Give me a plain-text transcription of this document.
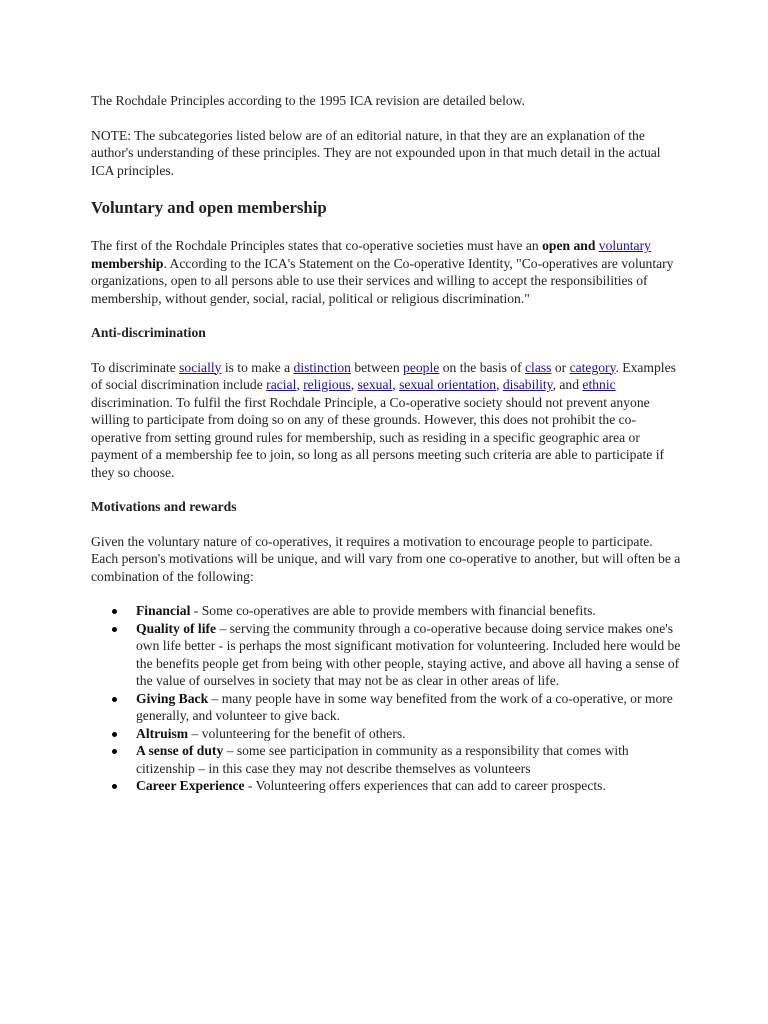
The Rochdale Principles according to the 1995 ICA revision are detailed below.

NOTE: The subcategories listed below are of an editorial nature, in that they are an explanation of the author's understanding of these principles. They are not expounded upon in that much detail in the actual ICA principles.

Voluntary and open membership

The first of the Rochdale Principles states that co-operative societies must have an open and voluntary membership. According to the ICA's Statement on the Co-operative Identity, "Co-operatives are voluntary organizations, open to all persons able to use their services and willing to accept the responsibilities of membership, without gender, social, racial, political or religious discrimination."

Anti-discrimination

To discriminate socially is to make a distinction between people on the basis of class or category. Examples of social discrimination include racial, religious, sexual, sexual orientation, disability, and ethnic discrimination. To fulfil the first Rochdale Principle, a Co-operative society should not prevent anyone willing to participate from doing so on any of these grounds. However, this does not prohibit the co-operative from setting ground rules for membership, such as residing in a specific geographic area or payment of a membership fee to join, so long as all persons meeting such criteria are able to participate if they so choose.

Motivations and rewards

Given the voluntary nature of co-operatives, it requires a motivation to encourage people to participate. Each person's motivations will be unique, and will vary from one co-operative to another, but will often be a combination of the following:

Financial - Some co-operatives are able to provide members with financial benefits.
Quality of life – serving the community through a co-operative because doing service makes one's own life better - is perhaps the most significant motivation for volunteering. Included here would be the benefits people get from being with other people, staying active, and above all having a sense of the value of ourselves in society that may not be as clear in other areas of life.
Giving Back – many people have in some way benefited from the work of a co-operative, or more generally, and volunteer to give back.
Altruism – volunteering for the benefit of others.
A sense of duty – some see participation in community as a responsibility that comes with citizenship – in this case they may not describe themselves as volunteers
Career Experience - Volunteering offers experiences that can add to career prospects.
